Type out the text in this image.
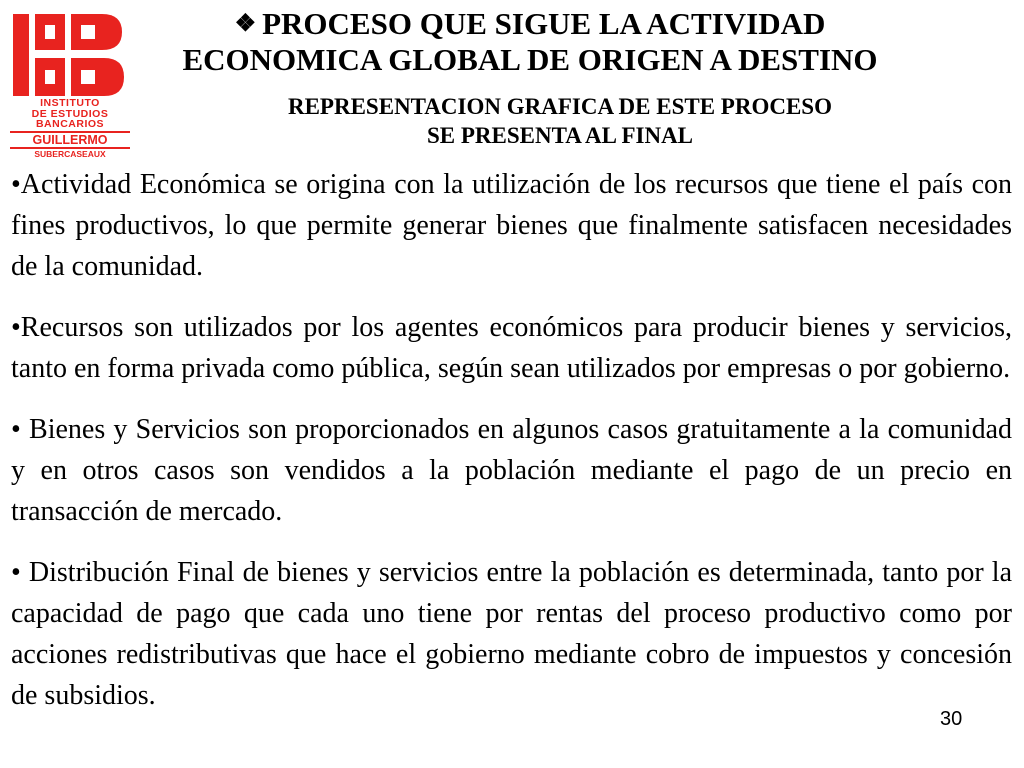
INSTITUTO
DE ESTUDIOS
BANCARIOS
GUILLERMO
SUBERCASEAUX
❖ PROCESO QUE SIGUE LA ACTIVIDAD ECONOMICA GLOBAL DE ORIGEN A DESTINO
REPRESENTACION GRAFICA DE ESTE PROCESO
SE PRESENTA AL FINAL

•Actividad Económica se origina con la utilización de los recursos que tiene el país con fines productivos, lo que permite generar bienes que finalmente satisfacen necesidades de la comunidad.

•Recursos son utilizados por los agentes económicos para producir bienes y servicios, tanto en forma privada como pública, según sean utilizados por empresas o por gobierno.

• Bienes y Servicios son proporcionados en algunos casos gratuitamente a la comunidad y en otros casos son vendidos a la población mediante el pago de un precio en transacción de mercado.

• Distribución Final de bienes y servicios entre la población es determinada, tanto por la capacidad de pago que cada uno tiene por rentas del proceso productivo como por acciones redistributivas que hace el gobierno mediante cobro de impuestos y concesión de subsidios.

30
